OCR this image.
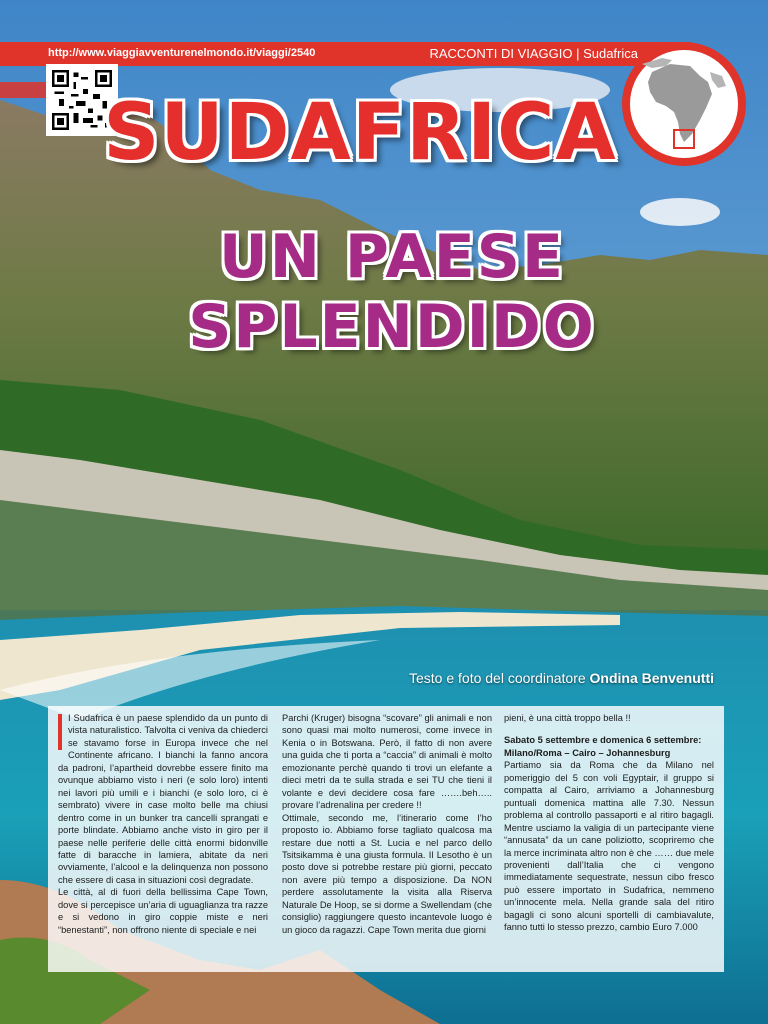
http://www.viaggiavventurenelmondo.it/viaggi/2540	RACCONTI DI VIAGGIO | Sudafrica
SUDAFRICA
UN PAESE SPLENDIDO
Testo e foto del coordinatore Ondina Benvenutti

I Sudafrica è un paese splendido da un punto di vista naturalistico. Talvolta ci veniva da chiederci se stavamo forse in Europa invece che nel Continente africano. I bianchi la fanno ancora da padroni, l’apartheid dovrebbe essere finito ma ovunque abbiamo visto i neri (e solo loro) intenti nei lavori più umili e i bianchi (e solo loro, ci è sembrato) vivere in case molto belle ma chiusi dentro come in un bunker tra cancelli sprangati e porte blindate. Abbiamo anche visto in giro per il paese nelle periferie delle città enormi bidonville fatte di baracche in lamiera, abitate da neri ovviamente, l’alcool e la delinquenza non possono che essere di casa in situazioni così degradate.

Le città, al di fuori della bellissima Cape Town, dove si percepisce un’aria di uguaglianza tra razze e si vedono in giro coppie miste e neri “benestanti”, non offrono niente di speciale e nei

Parchi (Kruger) bisogna “scovare” gli animali e non sono quasi mai molto numerosi, come invece in Kenia o in Botswana. Però, il fatto di non avere una guida che ti porta a “caccia” di animali è molto emozionante perchè quando ti trovi un elefante a dieci metri da te sulla strada e sei TU che tieni il volante e devi decidere cosa fare …….beh….. provare l’adrenalina per credere !!

Ottimale, secondo me, l’itinerario come l’ho proposto io. Abbiamo forse tagliato qualcosa ma restare due notti a St. Lucia e nel parco dello Tsitsikamma è una giusta formula. Il Lesotho è un posto dove si potrebbe restare più giorni, peccato non avere più tempo a disposizione. Da NON perdere assolutamente la visita alla Riserva Naturale De Hoop, se si dorme a Swellendam (che consiglio) raggiungere questo incantevole luogo è un gioco da ragazzi. Cape Town merita due giorni

pieni, è una città troppo bella !!

Sabato 5 settembre e domenica 6 settembre:

Milano/Roma – Cairo – Johannesburg

Partiamo sia da Roma che da Milano nel pomeriggio del 5 con voli Egyptair, il gruppo si compatta al Cairo, arriviamo a Johannesburg puntuali domenica mattina alle 7.30. Nessun problema al controllo passaporti e al ritiro bagagli. Mentre usciamo la valigia di un partecipante viene “annusata” da un cane poliziotto, scopriremo che la merce incriminata altro non è che …… due mele provenienti dall’Italia che ci vengono immediatamente sequestrate, nessun cibo fresco può essere importato in Sudafrica, nemmeno un’innocente mela. Nella grande sala del ritiro bagagli ci sono alcuni sportelli di cambiavalute, fanno tutti lo stesso prezzo, cambio Euro 7.000
